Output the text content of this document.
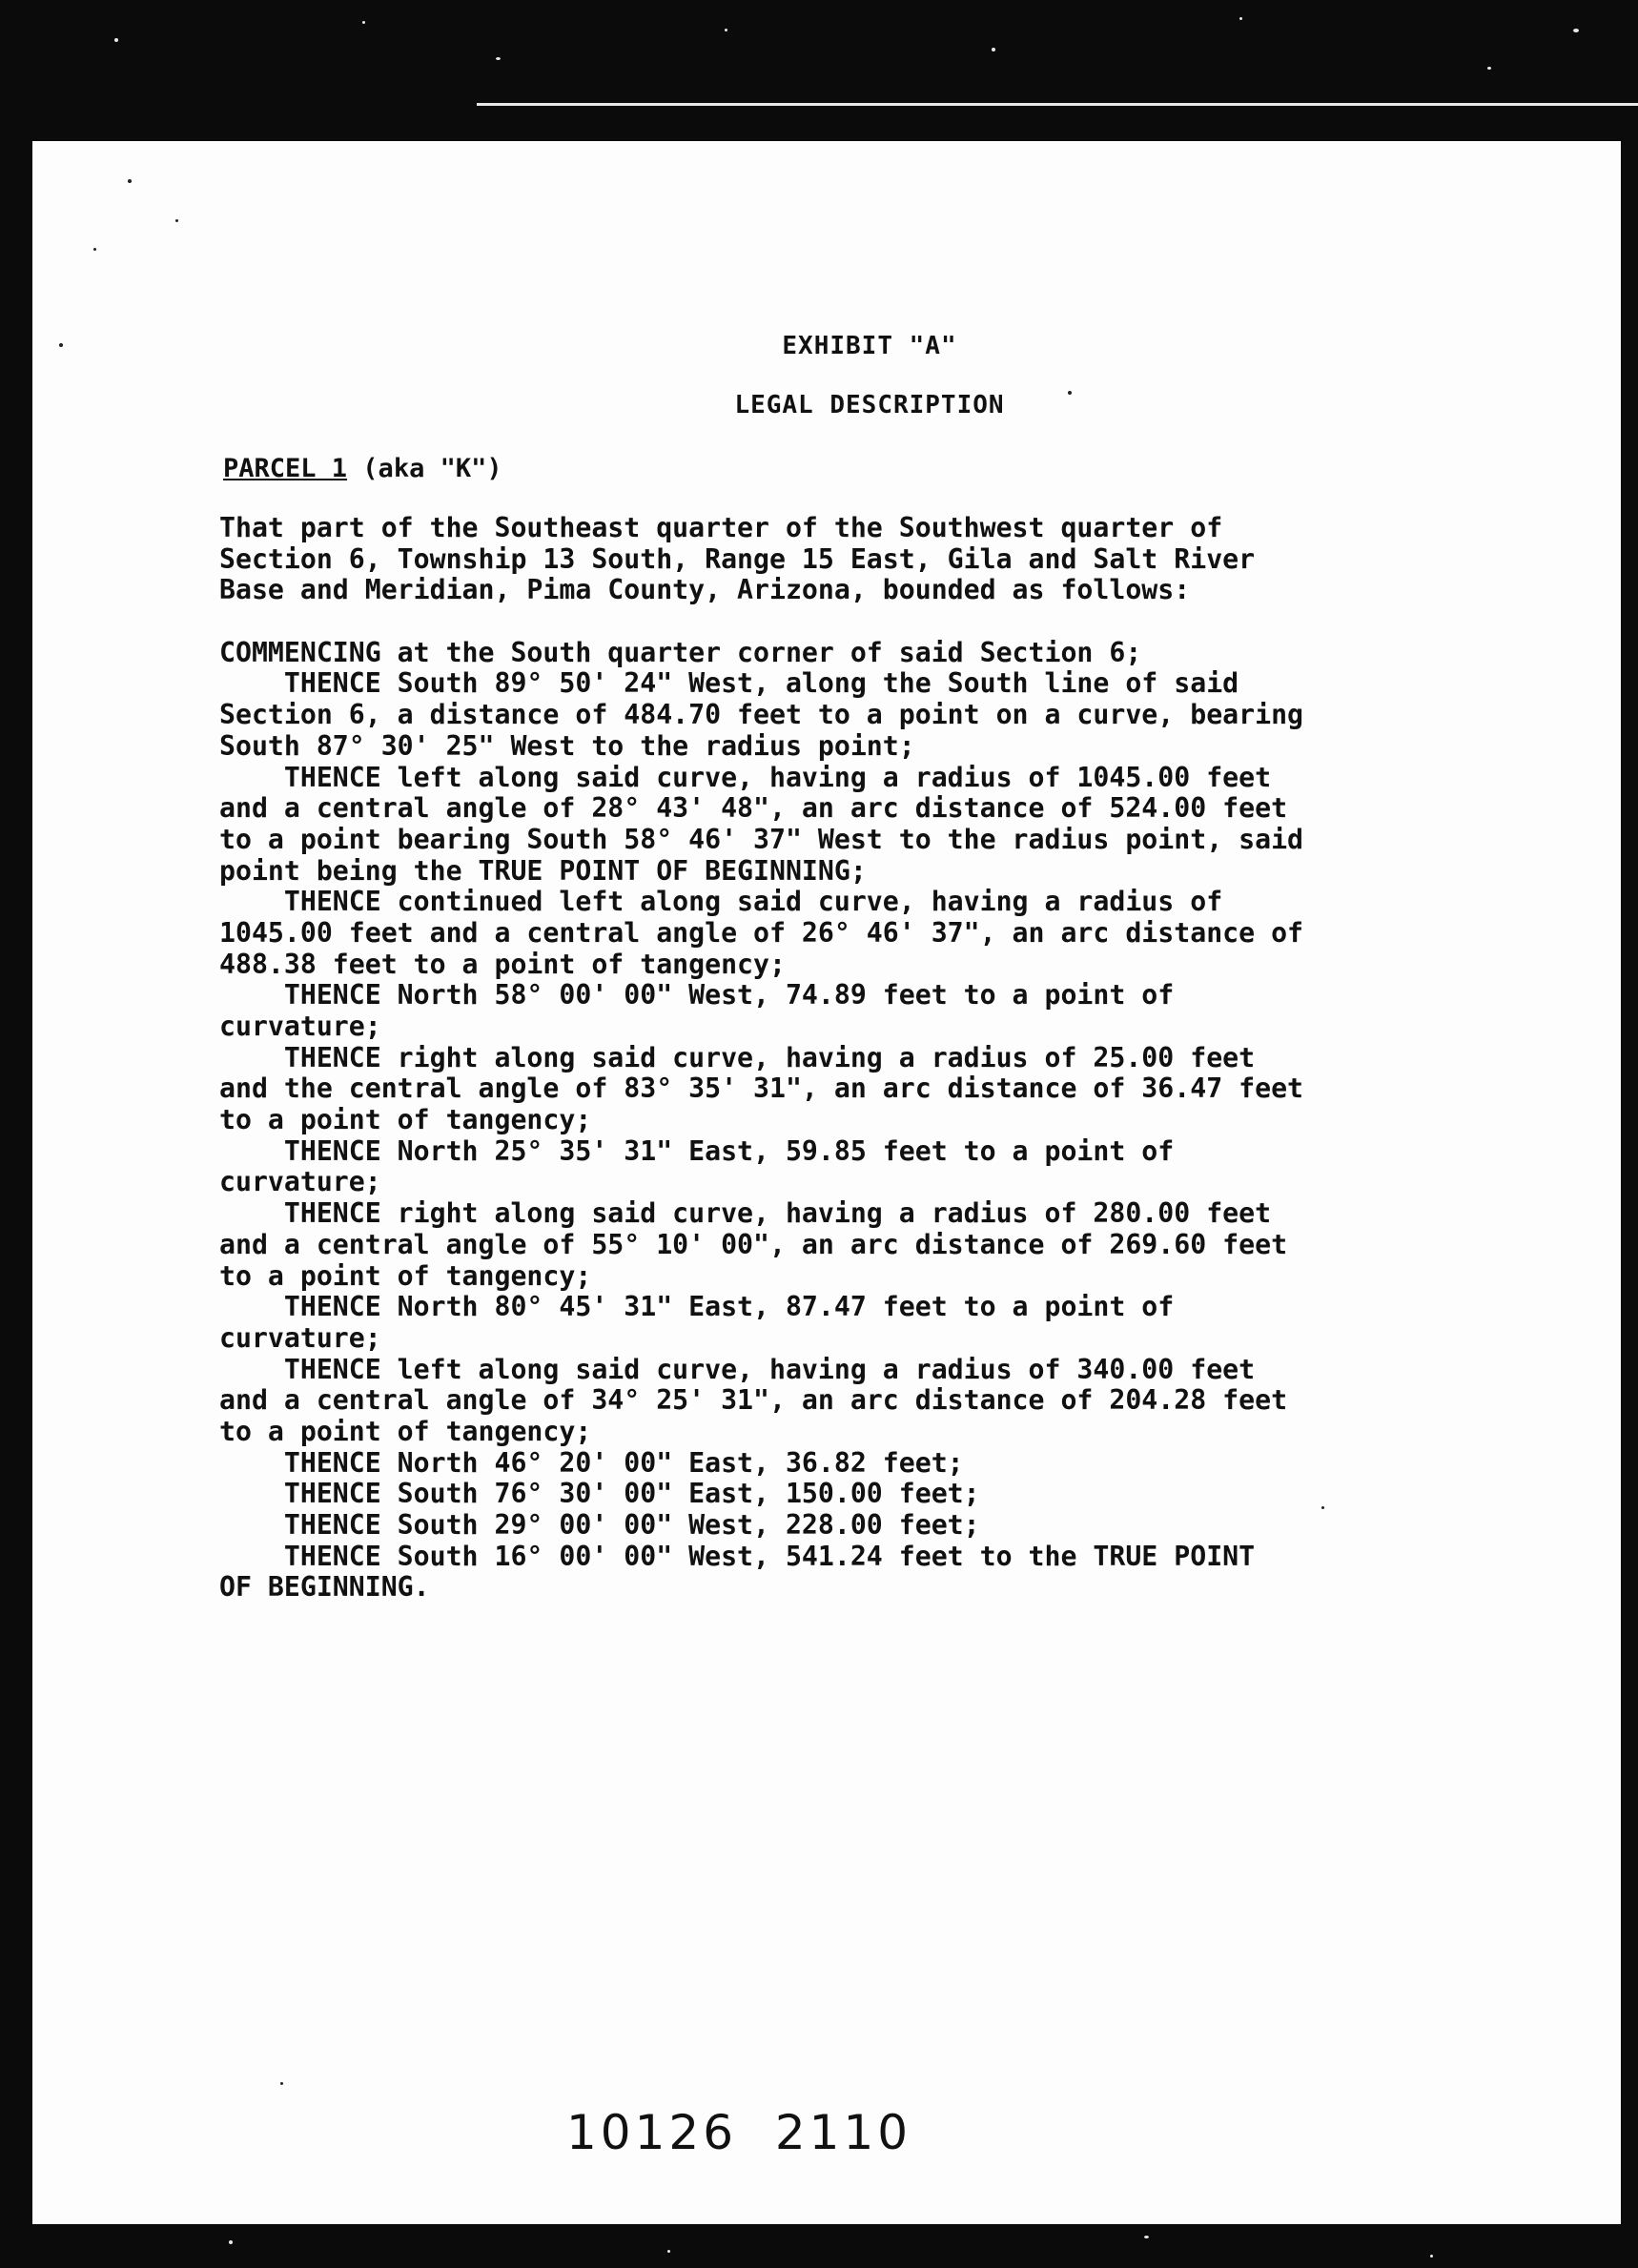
EXHIBIT "A"
LEGAL DESCRIPTION
PARCEL 1 (aka "K")
That part of the Southeast quarter of the Southwest quarter of
Section 6, Township 13 South, Range 15 East, Gila and Salt River
Base and Meridian, Pima County, Arizona, bounded as follows:
COMMENCING at the South quarter corner of said Section 6;
THENCE South 89° 50' 24" West, along the South line of said
Section 6, a distance of 484.70 feet to a point on a curve, bearing
South 87° 30' 25" West to the radius point;
THENCE left along said curve, having a radius of 1045.00 feet
and a central angle of 28° 43' 48", an arc distance of 524.00 feet
to a point bearing South 58° 46' 37" West to the radius point, said
point being the TRUE POINT OF BEGINNING;
THENCE continued left along said curve, having a radius of
1045.00 feet and a central angle of 26° 46' 37", an arc distance of
488.38 feet to a point of tangency;
THENCE North 58° 00' 00" West, 74.89 feet to a point of
curvature;
THENCE right along said curve, having a radius of 25.00 feet
and the central angle of 83° 35' 31", an arc distance of 36.47 feet
to a point of tangency;
THENCE North 25° 35' 31" East, 59.85 feet to a point of
curvature;
THENCE right along said curve, having a radius of 280.00 feet
and a central angle of 55° 10' 00", an arc distance of 269.60 feet
to a point of tangency;
THENCE North 80° 45' 31" East, 87.47 feet to a point of
curvature;
THENCE left along said curve, having a radius of 340.00 feet
and a central angle of 34° 25' 31", an arc distance of 204.28 feet
to a point of tangency;
THENCE North 46° 20' 00" East, 36.82 feet;
THENCE South 76° 30' 00" East, 150.00 feet;
THENCE South 29° 00' 00" West, 228.00 feet;
THENCE South 16° 00' 00" West, 541.24 feet to the TRUE POINT
OF BEGINNING.
10126  2110
